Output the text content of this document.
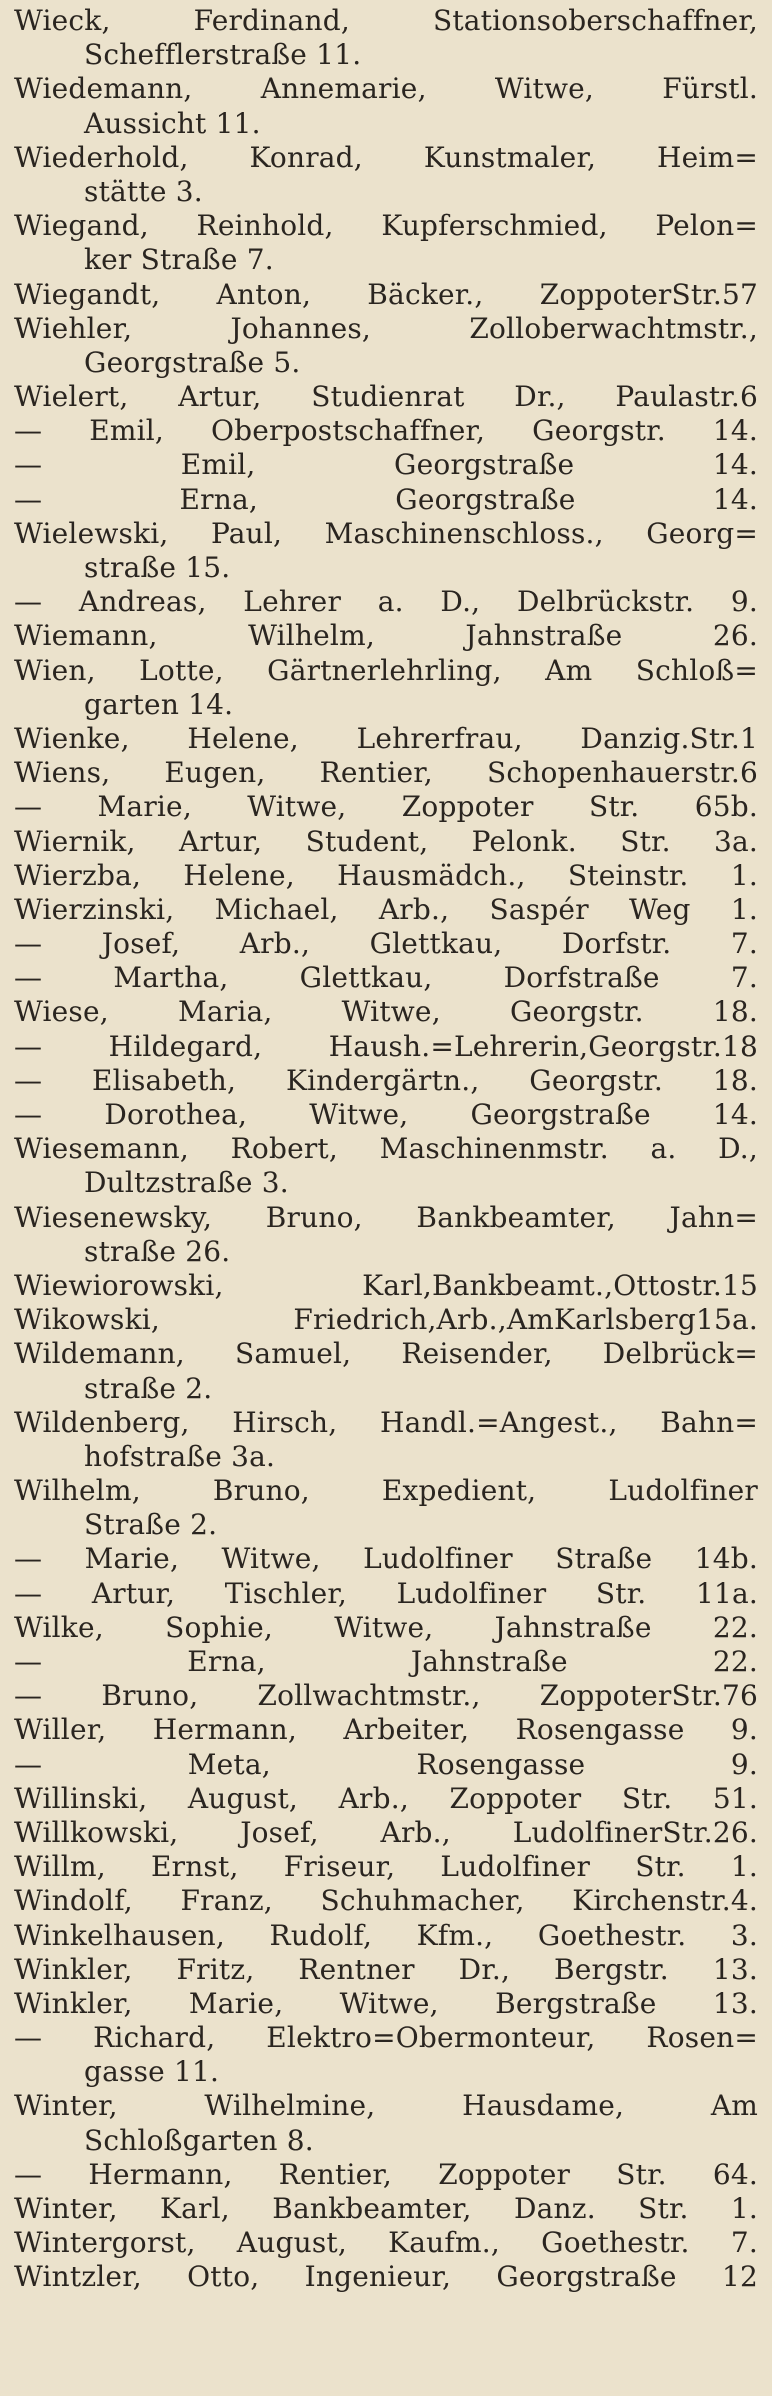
Wieck, Ferdinand, Stationsoberschaffner,
Schefflerstraße 11.
Wiedemann, Annemarie, Witwe, Fürstl.
Aussicht 11.
Wiederhold, Konrad, Kunstmaler, Heim=
stätte 3.
Wiegand, Reinhold, Kupferschmied, Pelon=
ker Straße 7.
Wiegandt, Anton, Bäcker., ZoppoterStr.57
Wiehler, Johannes, Zolloberwachtmstr.,
Georgstraße 5.
Wielert, Artur, Studienrat Dr., Paulastr.6
— Emil, Oberpostschaffner, Georgstr. 14.
— Emil, Georgstraße 14.
— Erna, Georgstraße 14.
Wielewski, Paul, Maschinenschloss., Georg=
straße 15.
— Andreas, Lehrer a. D., Delbrückstr. 9.
Wiemann, Wilhelm, Jahnstraße 26.
Wien, Lotte, Gärtnerlehrling, Am Schloß=
garten 14.
Wienke, Helene, Lehrerfrau, Danzig.Str.1
Wiens, Eugen, Rentier, Schopenhauerstr.6
— Marie, Witwe, Zoppoter Str. 65b.
Wiernik, Artur, Student, Pelonk. Str. 3a.
Wierzba, Helene, Hausmädch., Steinstr. 1.
Wierzinski, Michael, Arb., Saspér Weg 1.
— Josef, Arb., Glettkau, Dorfstr. 7.
— Martha, Glettkau, Dorfstraße 7.
Wiese, Maria, Witwe, Georgstr. 18.
— Hildegard, Haush.=Lehrerin,Georgstr.18
— Elisabeth, Kindergärtn., Georgstr. 18.
— Dorothea, Witwe, Georgstraße 14.
Wiesemann, Robert, Maschinenmstr. a. D.,
Dultzstraße 3.
Wiesenewsky, Bruno, Bankbeamter, Jahn=
straße 26.
Wiewiorowski, Karl,Bankbeamt.,Ottostr.15
Wikowski, Friedrich,Arb.,AmKarlsberg15a.
Wildemann, Samuel, Reisender, Delbrück=
straße 2.
Wildenberg, Hirsch, Handl.=Angest., Bahn=
hofstraße 3a.
Wilhelm, Bruno, Expedient, Ludolfiner
Straße 2.
— Marie, Witwe, Ludolfiner Straße 14b.
— Artur, Tischler, Ludolfiner Str. 11a.
Wilke, Sophie, Witwe, Jahnstraße 22.
— Erna, Jahnstraße 22.
— Bruno, Zollwachtmstr., ZoppoterStr.76
Willer, Hermann, Arbeiter, Rosengasse 9.
— Meta, Rosengasse 9.
Willinski, August, Arb., Zoppoter Str. 51.
Willkowski, Josef, Arb., LudolfinerStr.26.
Willm, Ernst, Friseur, Ludolfiner Str. 1.
Windolf, Franz, Schuhmacher, Kirchenstr.4.
Winkelhausen, Rudolf, Kfm., Goethestr. 3.
Winkler, Fritz, Rentner Dr., Bergstr. 13.
Winkler, Marie, Witwe, Bergstraße 13.
— Richard, Elektro=Obermonteur, Rosen=
gasse 11.
Winter, Wilhelmine, Hausdame, Am
Schloßgarten 8.
— Hermann, Rentier, Zoppoter Str. 64.
Winter, Karl, Bankbeamter, Danz. Str. 1.
Wintergorst, August, Kaufm., Goethestr. 7.
Wintzler, Otto, Ingenieur, Georgstraße 12
